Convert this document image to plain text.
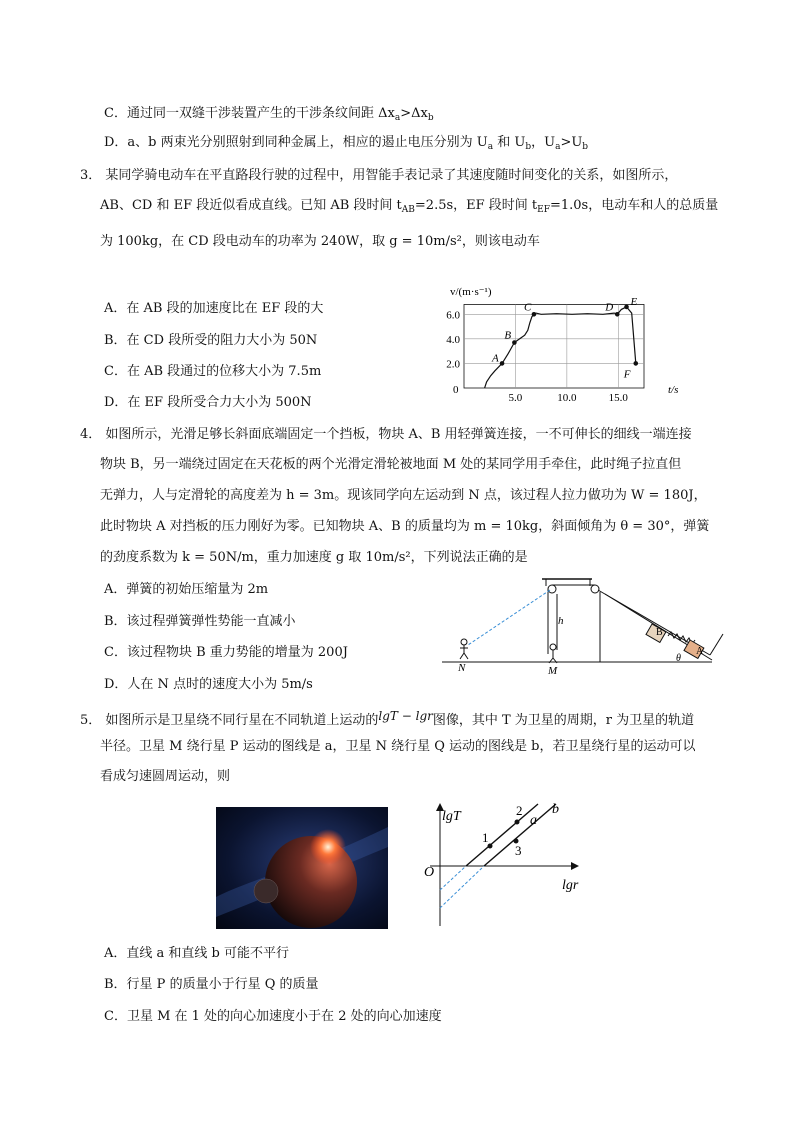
C．通过同一双缝干涉装置产生的干涉条纹间距 $\Delta x_a>\Delta x_b$
D．a、b 两束光分别照射到同种金属上，相应的遏止电压分别为 $U_a$ 和 $U_b$，$U_a>U_b$
3． 某同学骑电动车在平直路段行驶的过程中，用智能手表记录了其速度随时间变化的关系，如图所示，
AB、CD 和 EF 段近似看成直线。已知 AB 段时间 $t_{AB}=2.5s$，EF 段时间 $t_{EF}=1.0s$，电动车和人的总质量
为 100kg，在 CD 段电动车的功率为 240W，取 g = 10m/s²，则该电动车
A．在 AB 段的加速度比在 EF 段的大
B．在 CD 段所受的阻力大小为 50N
C．在 AB 段通过的位移大小为 7.5m
D．在 EF 段所受合力大小为 500N
v/(m·s⁻¹)
t/s
0
2.0
4.0
6.0
5.0	10.0	15.0
A
B
C	D E
F
4． 如图所示，光滑足够长斜面底端固定一个挡板，物块 A、B 用轻弹簧连接，一不可伸长的细线一端连接
物块 B，另一端绕过固定在天花板的两个光滑定滑轮被地面 M 处的某同学用手牵住，此时绳子拉直但
无弹力，人与定滑轮的高度差为 h = 3m。现该同学向左运动到 N 点，该过程人拉力做功为 W = 180J，
此时物块 A 对挡板的压力刚好为零。已知物块 A、B 的质量均为 m = 10kg，斜面倾角为 θ = 30°，弹簧
的劲度系数为 k = 50N/m，重力加速度 g 取 10m/s²，下列说法正确的是
A．弹簧的初始压缩量为 2m
B．该过程弹簧弹性势能一直减小
C．该过程物块 B 重力势能的增量为 200J
D．人在 N 点时的速度大小为 5m/s
h
N	M
B
A
θ
5． 如图所示是卫星绕不同行星在不同轨道上运动的lgT − lgr图像，其中 T 为卫星的周期，r 为卫星的轨道
半径。卫星 M 绕行星 P 运动的图线是 a，卫星 N 绕行星 Q 运动的图线是 b，若卫星绕行星的运动可以
看成匀速圆周运动，则
lgT
lgr
O
a
b
1
2
3
A．直线 a 和直线 b 可能不平行
B．行星 P 的质量小于行星 Q 的质量
C．卫星 M 在 1 处的向心加速度小于在 2 处的向心加速度
